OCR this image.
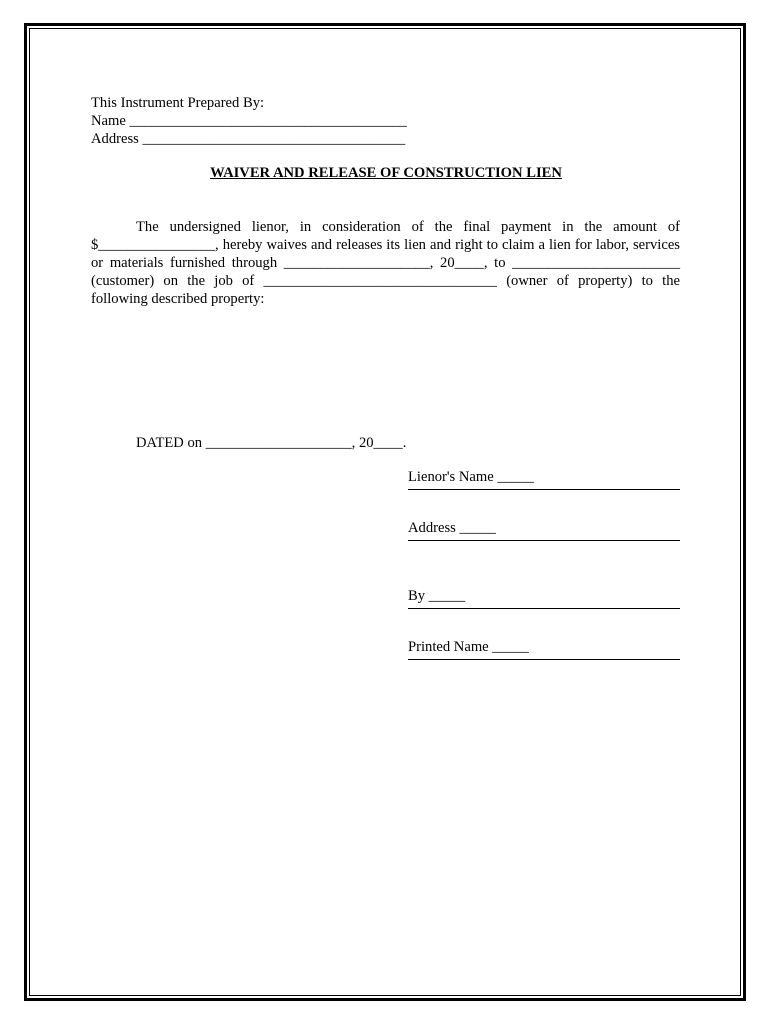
This Instrument Prepared By:

Name ______________________________________

Address ____________________________________

WAIVER AND RELEASE OF CONSTRUCTION LIEN

The undersigned lienor, in consideration of the final payment in the amount of $________________, hereby waives and releases its lien and right to claim a lien for labor, services or materials furnished through ____________________, 20____, to _______________________ (customer) on the job of ________________________________ (owner of property) to the following described property:

DATED on ____________________, 20____.

Lienor's Name _____

Address _____

By _____

Printed Name _____
